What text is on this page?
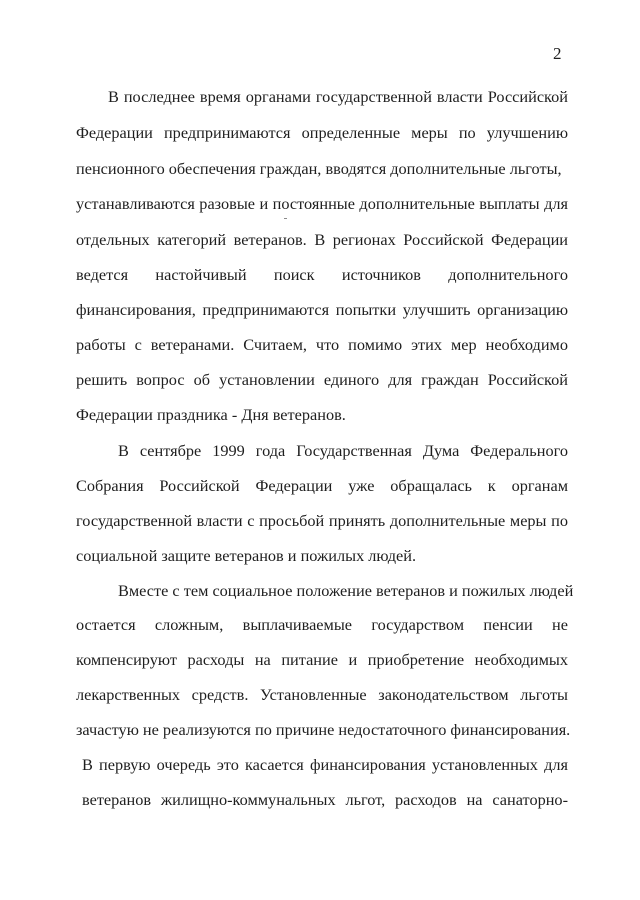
2
В последнее время органами государственной власти Российской
Федерации предпринимаются определенные меры по улучшению
пенсионного обеспечения граждан, вводятся дополнительные льготы,
устанавливаются разовые и постоянные дополнительные выплаты для
отдельных категорий ветеранов. В регионах Российской Федерации
ведется настойчивый поиск источников дополнительного
финансирования, предпринимаются попытки улучшить организацию
работы с ветеранами. Считаем, что помимо этих мер необходимо
решить вопрос об установлении единого для граждан Российской
Федерации праздника - Дня ветеранов.
В сентябре 1999 года Государственная Дума Федерального
Собрания Российской Федерации уже обращалась к органам
государственной власти с просьбой принять дополнительные меры по
социальной защите ветеранов и пожилых людей.
Вместе с тем социальное положение ветеранов и пожилых людей
остается сложным, выплачиваемые государством пенсии не
компенсируют расходы на питание и приобретение необходимых
лекарственных средств. Установленные законодательством льготы
зачастую не реализуются по причине недостаточного финансирования.
В первую очередь это касается финансирования установленных для
ветеранов жилищно-коммунальных льгот, расходов на санаторно-
